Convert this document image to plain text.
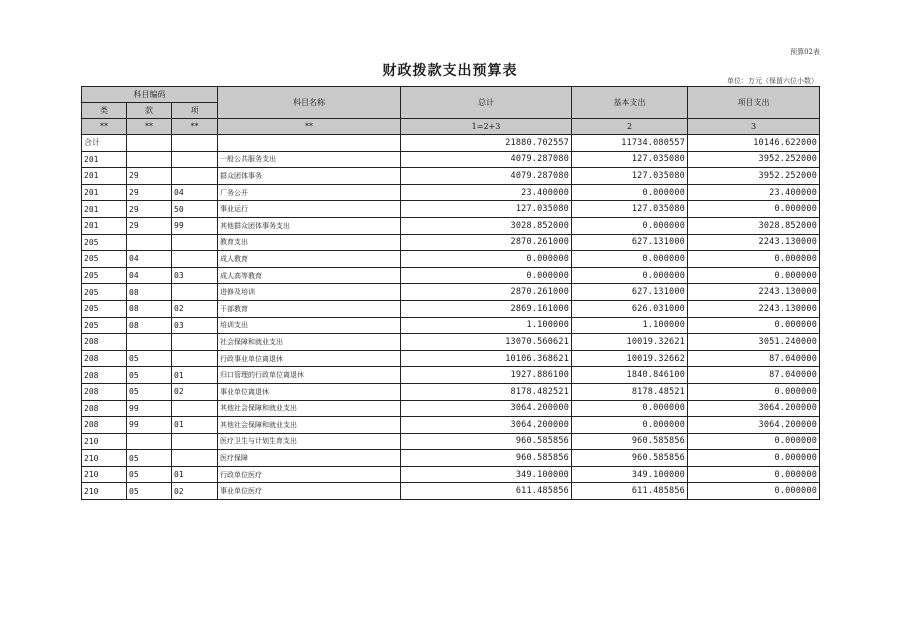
预算02表
财政拨款支出预算表
单位：万元（保留六位小数）
科目编码			科目名称	总计	基本支出	项目支出
类	款	项				
**	**	**	**	1=2+3	2	3
合计				21880.702557	11734.080557	10146.622000
201			一般公共服务支出	4079.287080	127.035080	3952.252000
201	29		群众团体事务	4079.287080	127.035080	3952.252000
201	29	04	厂务公开	23.400000	0.000000	23.400000
201	29	50	事业运行	127.035080	127.035080	0.000000
201	29	99	其他群众团体事务支出	3028.852000	0.000000	3028.852000
205			教育支出	2870.261000	627.131000	2243.130000
205	04		成人教育	0.000000	0.000000	0.000000
205	04	03	成人高等教育	0.000000	0.000000	0.000000
205	08		进修及培训	2870.261000	627.131000	2243.130000
205	08	02	干部教育	2869.161000	626.031000	2243.130000
205	08	03	培训支出	1.100000	1.100000	0.000000
208			社会保障和就业支出	13070.560621	10019.32621	3051.240000
208	05		行政事业单位离退休	10106.368621	10019.32662	87.040000
208	05	01	归口管理的行政单位离退休	1927.886100	1840.846100	87.040000
208	05	02	事业单位离退休	8178.482521	8178.48521	0.000000
208	99		其他社会保障和就业支出	3064.200000	0.000000	3064.200000
208	99	01	其他社会保障和就业支出	3064.200000	0.000000	3064.200000
210			医疗卫生与计划生育支出	960.585856	960.585856	0.000000
210	05		医疗保障	960.585856	960.585856	0.000000
210	05	01	行政单位医疗	349.100000	349.100000	0.000000
210	05	02	事业单位医疗	611.485856	611.485856	0.000000
